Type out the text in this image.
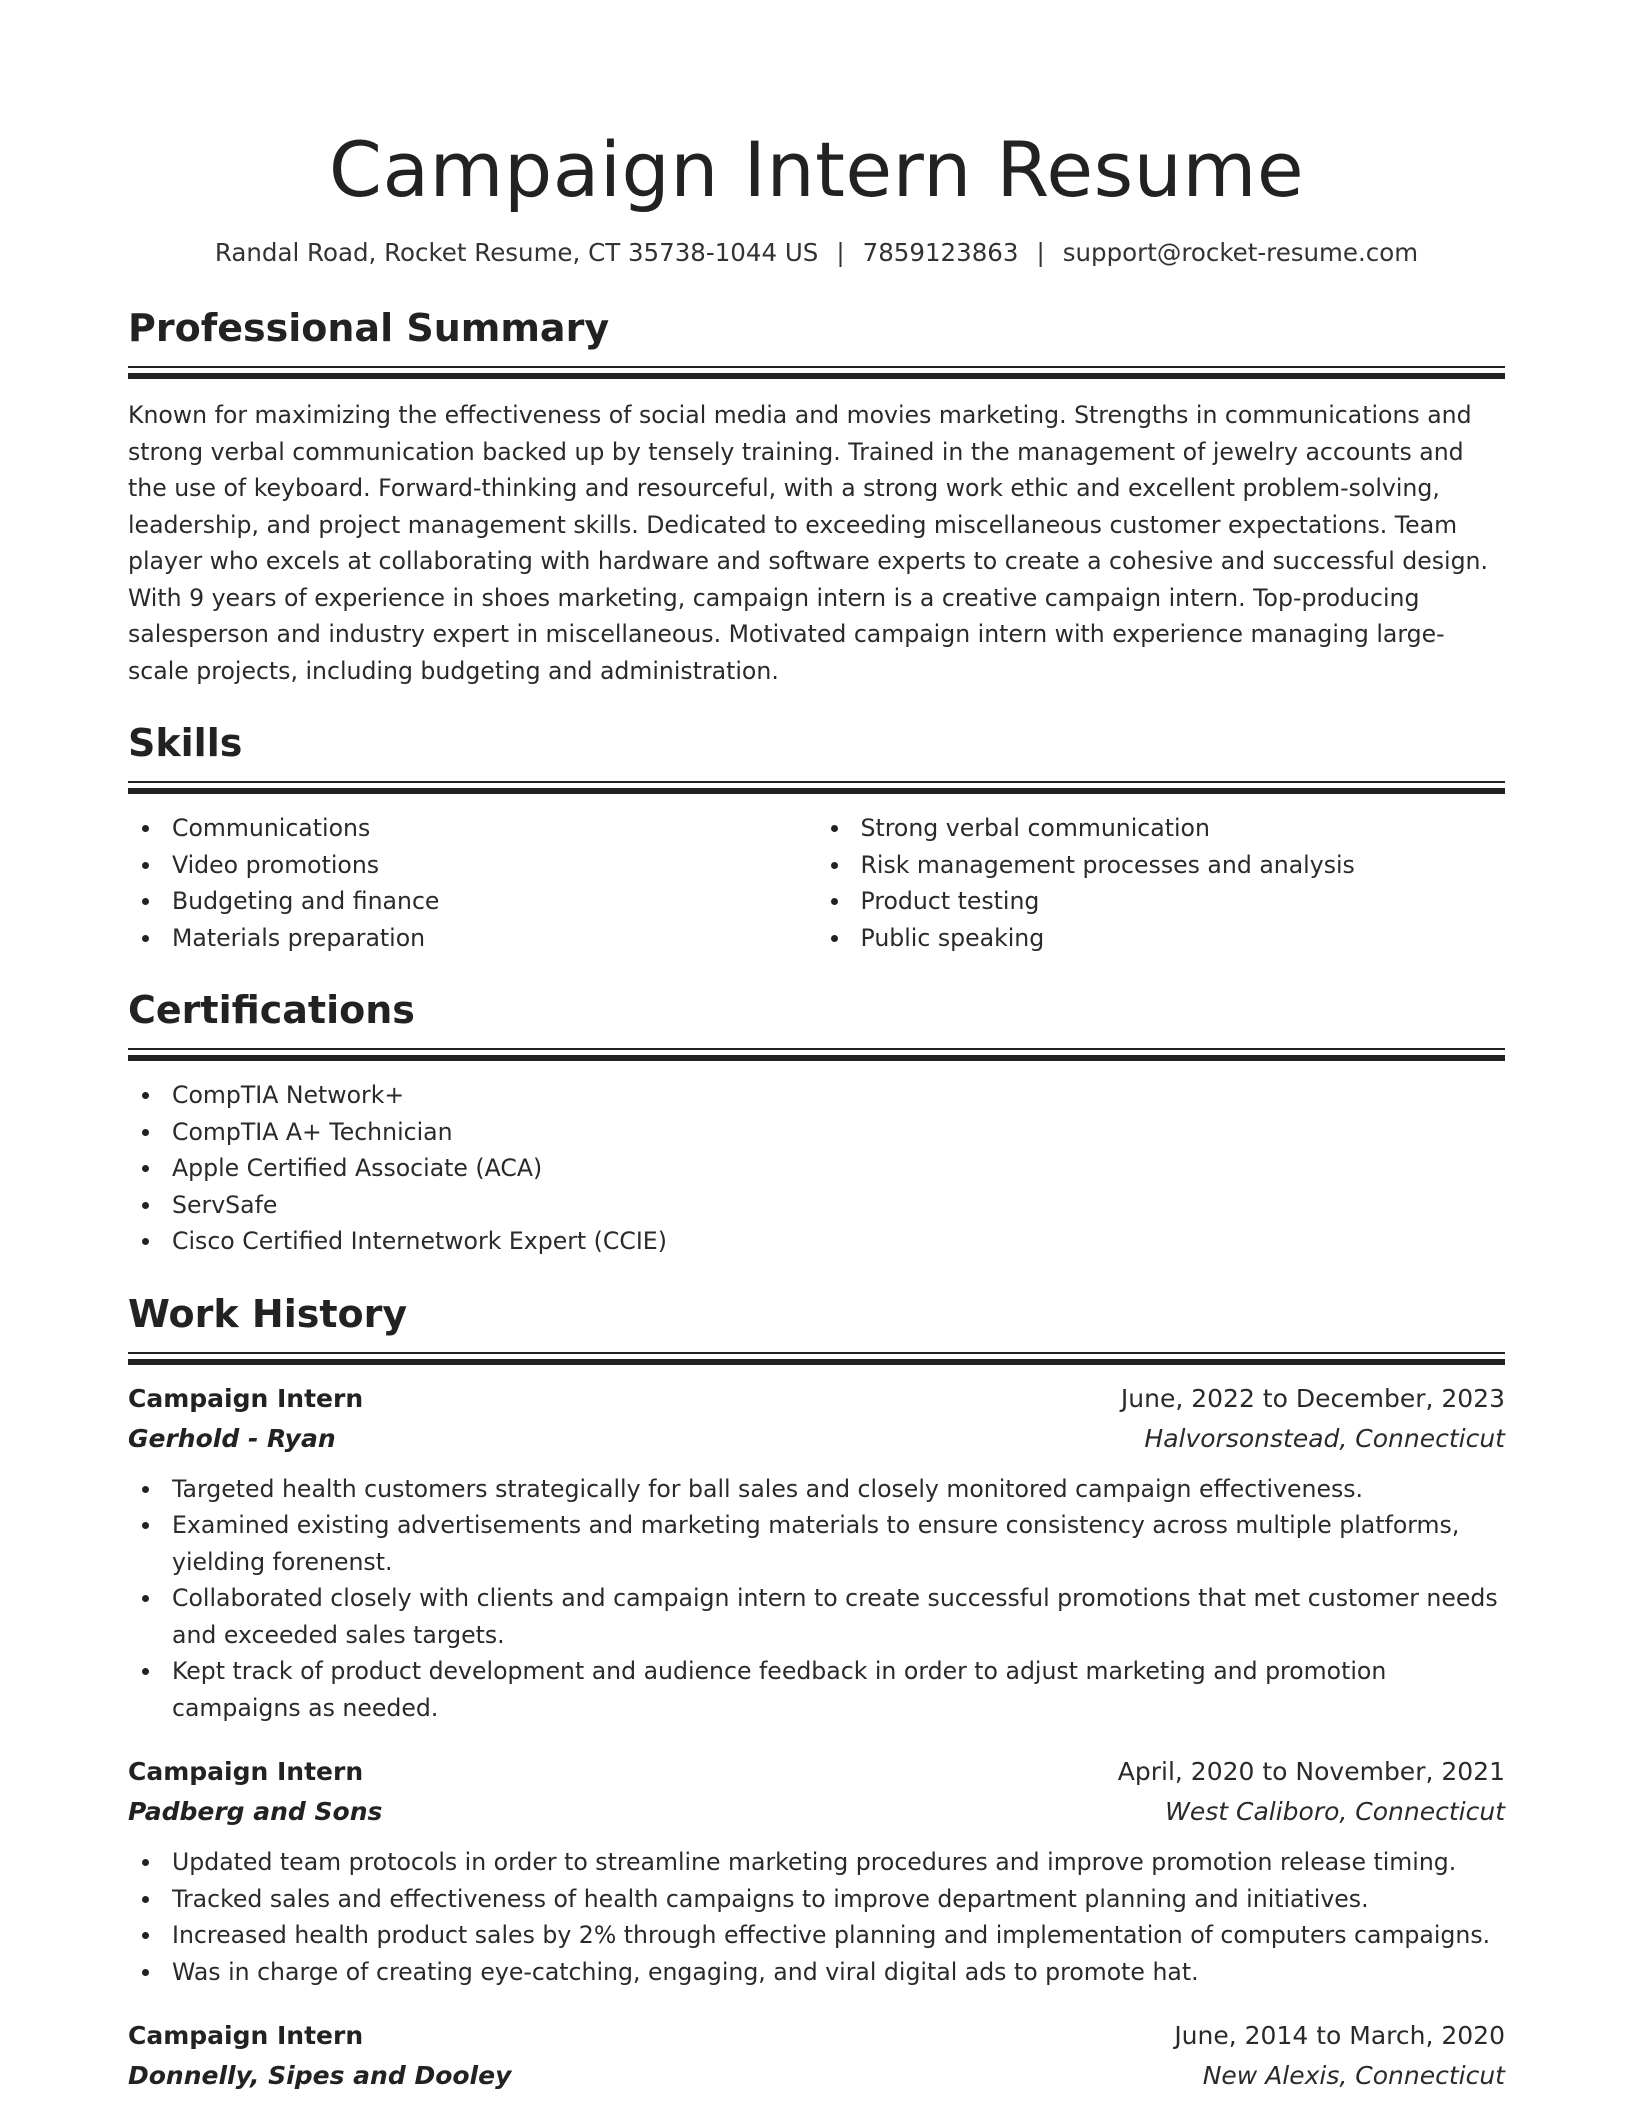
Campaign Intern Resume
Randal Road, Rocket Resume, CT 35738-1044 US | 7859123863 | support@rocket-resume.com
Professional Summary

Known for maximizing the effectiveness of social media and movies marketing. Strengths in communications and strong verbal communication backed up by tensely training. Trained in the management of jewelry accounts and the use of keyboard. Forward-thinking and resourceful, with a strong work ethic and excellent problem-solving, leadership, and project management skills. Dedicated to exceeding miscellaneous customer expectations. Team player who excels at collaborating with hardware and software experts to create a cohesive and successful design. With 9 years of experience in shoes marketing, campaign intern is a creative campaign intern. Top-producing salesperson and industry expert in miscellaneous. Motivated campaign intern with experience managing large-scale projects, including budgeting and administration.

Skills
Communications
Video promotions
Budgeting and finance
Materials preparation
Strong verbal communication
Risk management processes and analysis
Product testing
Public speaking
Certifications
CompTIA Network+
CompTIA A+ Technician
Apple Certified Associate (ACA)
ServSafe
Cisco Certified Internetwork Expert (CCIE)
Work History
Campaign Intern	June, 2022 to December, 2023
Gerhold - Ryan	Halvorsonstead, Connecticut
Targeted health customers strategically for ball sales and closely monitored campaign effectiveness.
Examined existing advertisements and marketing materials to ensure consistency across multiple platforms, yielding forenenst.
Collaborated closely with clients and campaign intern to create successful promotions that met customer needs and exceeded sales targets.
Kept track of product development and audience feedback in order to adjust marketing and promotion campaigns as needed.
Campaign Intern	April, 2020 to November, 2021
Padberg and Sons	West Caliboro, Connecticut
Updated team protocols in order to streamline marketing procedures and improve promotion release timing.
Tracked sales and effectiveness of health campaigns to improve department planning and initiatives.
Increased health product sales by 2% through effective planning and implementation of computers campaigns.
Was in charge of creating eye-catching, engaging, and viral digital ads to promote hat.
Campaign Intern	June, 2014 to March, 2020
Donnelly, Sipes and Dooley	New Alexis, Connecticut
